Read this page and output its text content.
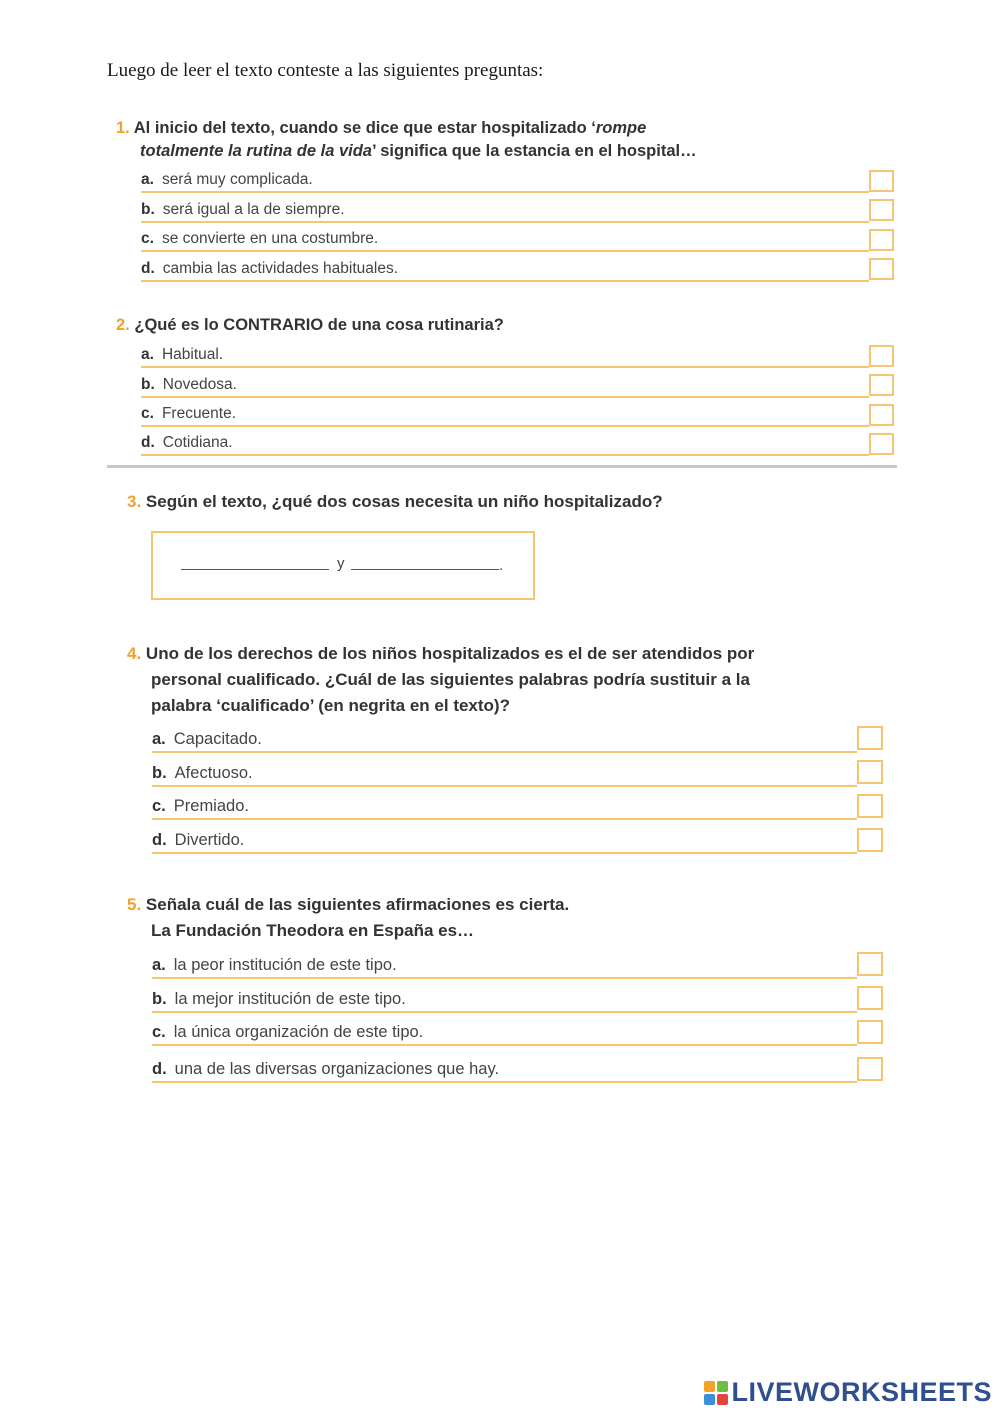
Luego de leer el texto conteste a las siguientes preguntas:
1. Al inicio del texto, cuando se dice que estar hospitalizado ‘rompe
totalmente la rutina de la vida’ significa que la estancia en el hospital…
a. será muy complicada.
b. será igual a la de siempre.
c. se convierte en una costumbre.
d. cambia las actividades habituales.
2. ¿Qué es lo CONTRARIO de una cosa rutinaria?
a. Habitual.
b. Novedosa.
c. Frecuente.
d. Cotidiana.
3. Según el texto, ¿qué dos cosas necesita un niño hospitalizado?
y	.
4. Uno de los derechos de los niños hospitalizados es el de ser atendidos por
personal cualificado. ¿Cuál de las siguientes palabras podría sustituir a la
palabra ‘cualificado’ (en negrita en el texto)?
a. Capacitado.
b. Afectuoso.
c. Premiado.
d. Divertido.
5. Señala cuál de las siguientes afirmaciones es cierta.
La Fundación Theodora en España es…
a. la peor institución de este tipo.
b. la mejor institución de este tipo.
c. la única organización de este tipo.
d. una de las diversas organizaciones que hay.
LIVEWORKSHEETS
